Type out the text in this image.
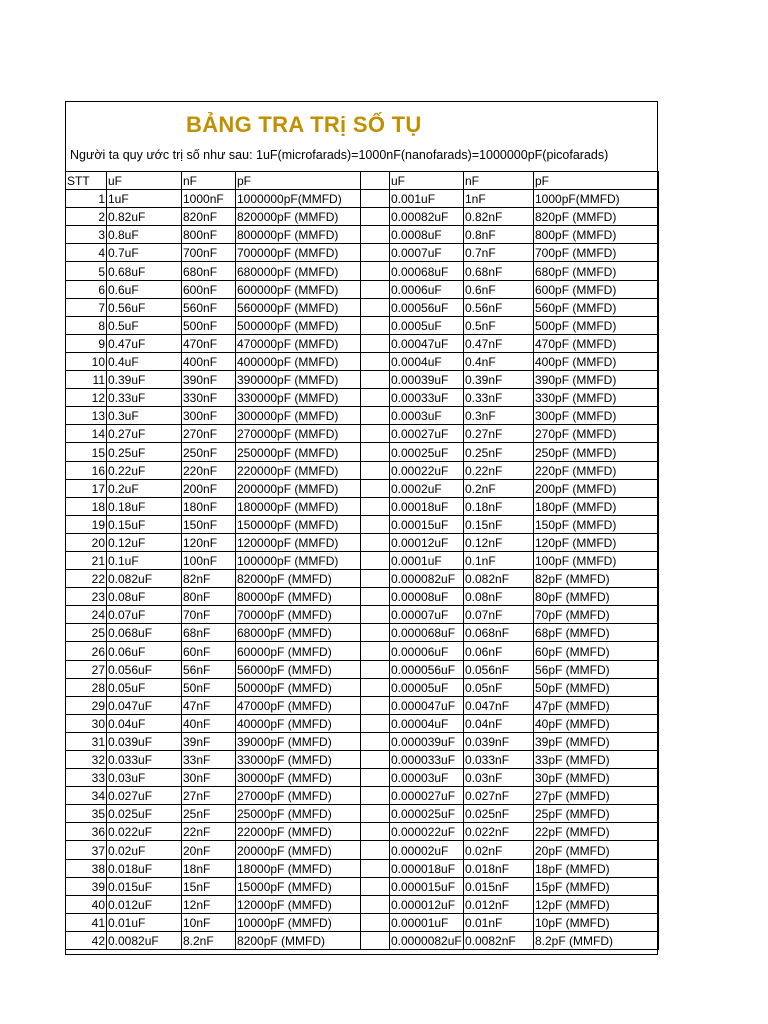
BẢNG TRA TRị SỐ TỤ
Người ta quy ước trị số như sau: 1uF(microfarads)=1000nF(nanofarads)=1000000pF(picofarads)
STT	uF	nF	pF		uF	nF	pF
1	1uF	1000nF	1000000pF(MMFD)		0.001uF	1nF	1000pF(MMFD)
2	0.82uF	820nF	820000pF (MMFD)		0.00082uF	0.82nF	820pF (MMFD)
3	0.8uF	800nF	800000pF (MMFD)		0.0008uF	0.8nF	800pF (MMFD)
4	0.7uF	700nF	700000pF (MMFD)		0.0007uF	0.7nF	700pF (MMFD)
5	0.68uF	680nF	680000pF (MMFD)		0.00068uF	0.68nF	680pF (MMFD)
6	0.6uF	600nF	600000pF (MMFD)		0.0006uF	0.6nF	600pF (MMFD)
7	0.56uF	560nF	560000pF (MMFD)		0.00056uF	0.56nF	560pF (MMFD)
8	0.5uF	500nF	500000pF (MMFD)		0.0005uF	0.5nF	500pF (MMFD)
9	0.47uF	470nF	470000pF (MMFD)		0.00047uF	0.47nF	470pF (MMFD)
10	0.4uF	400nF	400000pF (MMFD)		0.0004uF	0.4nF	400pF (MMFD)
11	0.39uF	390nF	390000pF (MMFD)		0.00039uF	0.39nF	390pF (MMFD)
12	0.33uF	330nF	330000pF (MMFD)		0.00033uF	0.33nF	330pF (MMFD)
13	0.3uF	300nF	300000pF (MMFD)		0.0003uF	0.3nF	300pF (MMFD)
14	0.27uF	270nF	270000pF (MMFD)		0.00027uF	0.27nF	270pF (MMFD)
15	0.25uF	250nF	250000pF (MMFD)		0.00025uF	0.25nF	250pF (MMFD)
16	0.22uF	220nF	220000pF (MMFD)		0.00022uF	0.22nF	220pF (MMFD)
17	0.2uF	200nF	200000pF (MMFD)		0.0002uF	0.2nF	200pF (MMFD)
18	0.18uF	180nF	180000pF (MMFD)		0.00018uF	0.18nF	180pF (MMFD)
19	0.15uF	150nF	150000pF (MMFD)		0.00015uF	0.15nF	150pF (MMFD)
20	0.12uF	120nF	120000pF (MMFD)		0.00012uF	0.12nF	120pF (MMFD)
21	0.1uF	100nF	100000pF (MMFD)		0.0001uF	0.1nF	100pF (MMFD)
22	0.082uF	82nF	82000pF (MMFD)		0.000082uF	0.082nF	82pF (MMFD)
23	0.08uF	80nF	80000pF (MMFD)		0.00008uF	0.08nF	80pF (MMFD)
24	0.07uF	70nF	70000pF (MMFD)		0.00007uF	0.07nF	70pF (MMFD)
25	0.068uF	68nF	68000pF (MMFD)		0.000068uF	0.068nF	68pF (MMFD)
26	0.06uF	60nF	60000pF (MMFD)		0.00006uF	0.06nF	60pF (MMFD)
27	0.056uF	56nF	56000pF (MMFD)		0.000056uF	0.056nF	56pF (MMFD)
28	0.05uF	50nF	50000pF (MMFD)		0.00005uF	0.05nF	50pF (MMFD)
29	0.047uF	47nF	47000pF (MMFD)		0.000047uF	0.047nF	47pF (MMFD)
30	0.04uF	40nF	40000pF (MMFD)		0.00004uF	0.04nF	40pF (MMFD)
31	0.039uF	39nF	39000pF (MMFD)		0.000039uF	0.039nF	39pF (MMFD)
32	0.033uF	33nF	33000pF (MMFD)		0.000033uF	0.033nF	33pF (MMFD)
33	0.03uF	30nF	30000pF (MMFD)		0.00003uF	0.03nF	30pF (MMFD)
34	0.027uF	27nF	27000pF (MMFD)		0.000027uF	0.027nF	27pF (MMFD)
35	0.025uF	25nF	25000pF (MMFD)		0.000025uF	0.025nF	25pF (MMFD)
36	0.022uF	22nF	22000pF (MMFD)		0.000022uF	0.022nF	22pF (MMFD)
37	0.02uF	20nF	20000pF (MMFD)		0.00002uF	0.02nF	20pF (MMFD)
38	0.018uF	18nF	18000pF (MMFD)		0.000018uF	0.018nF	18pF (MMFD)
39	0.015uF	15nF	15000pF (MMFD)		0.000015uF	0.015nF	15pF (MMFD)
40	0.012uF	12nF	12000pF (MMFD)		0.000012uF	0.012nF	12pF (MMFD)
41	0.01uF	10nF	10000pF (MMFD)		0.00001uF	0.01nF	10pF (MMFD)
42	0.0082uF	8.2nF	8200pF (MMFD)		0.0000082uF	0.0082nF	8.2pF (MMFD)
